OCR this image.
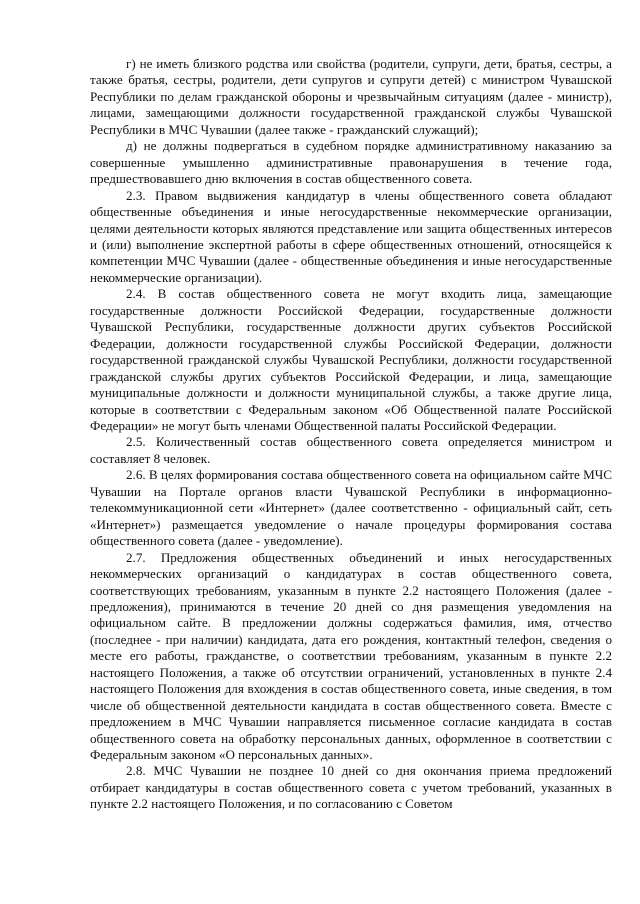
г) не иметь близкого родства или свойства (родители, супруги, дети, братья, сестры, а также братья, сестры, родители, дети супругов и супруги детей) с министром Чувашской Республики по делам гражданской обороны и чрезвычайным ситуациям (далее - министр), лицами, замещающими должности государственной гражданской службы Чувашской Республики в МЧС Чувашии (далее также - гражданский служащий);

д) не должны подвергаться в судебном порядке административному наказанию за совершенные умышленно административные правонарушения в течение года, предшествовавшего дню включения в состав общественного совета.

2.3. Правом выдвижения кандидатур в члены общественного совета обладают общественные объединения и иные негосударственные некоммерческие организации, целями деятельности которых являются представление или защита общественных интересов и (или) выполнение экспертной работы в сфере общественных отношений, относящейся к компетенции МЧС Чувашии (далее - общественные объединения и иные негосударственные некоммерческие организации).

2.4. В состав общественного совета не могут входить лица, замещающие государственные должности Российской Федерации, государственные должности Чувашской Республики, государственные должности других субъектов Российской Федерации, должности государственной службы Российской Федерации, должности государственной гражданской службы Чувашской Республики, должности государственной гражданской службы других субъектов Российской Федерации, и лица, замещающие муниципальные должности и должности муниципальной службы, а также другие лица, которые в соответствии с Федеральным законом «Об Общественной палате Российской Федерации» не могут быть членами Общественной палаты Российской Федерации.

2.5. Количественный состав общественного совета определяется министром и составляет 8 человек.

2.6. В целях формирования состава общественного совета на официальном сайте МЧС Чувашии на Портале органов власти Чувашской Республики в информационно-телекоммуникационной сети «Интернет» (далее соответственно - официальный сайт, сеть «Интернет») размещается уведомление о начале процедуры формирования состава общественного совета (далее - уведомление).

2.7. Предложения общественных объединений и иных негосударственных некоммерческих организаций о кандидатурах в состав общественного совета, соответствующих требованиям, указанным в пункте 2.2 настоящего Положения (далее - предложения), принимаются в течение 20 дней со дня размещения уведомления на официальном сайте. В предложении должны содержаться фамилия, имя, отчество (последнее - при наличии) кандидата, дата его рождения, контактный телефон, сведения о месте его работы, гражданстве, о соответствии требованиям, указанным в пункте 2.2 настоящего Положения, а также об отсутствии ограничений, установленных в пункте 2.4 настоящего Положения для вхождения в состав общественного совета, иные сведения, в том числе об общественной деятельности кандидата в состав общественного совета. Вместе с предложением в МЧС Чувашии направляется письменное согласие кандидата в состав общественного совета на обработку персональных данных, оформленное в соответствии с Федеральным законом «О персональных данных».

2.8. МЧС Чувашии не позднее 10 дней со дня окончания приема предложений отбирает кандидатуры в состав общественного совета с учетом требований, указанных в пункте 2.2 настоящего Положения, и по согласованию с Советом
